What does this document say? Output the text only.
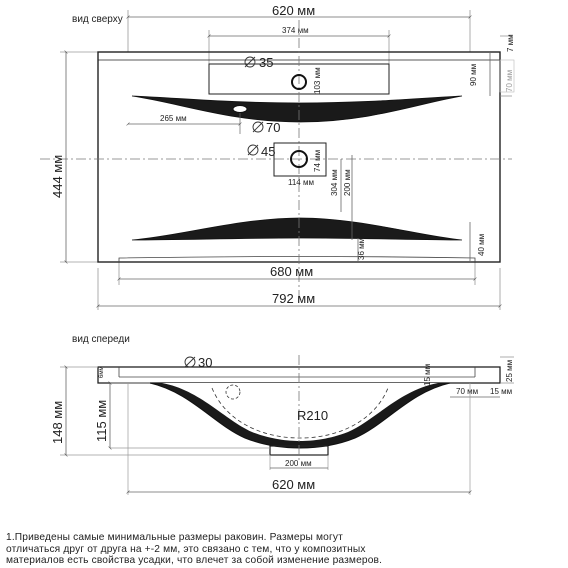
вид сверху
620 мм
374 мм
35
103 мм
70
265 мм
45	74 мм
114 мм	200 мм
304 мм
36 мм	40 мм
7 мм
90 мм	70 мм
444 мм
680 мм
792 мм
вид спереди
30
R210
6мм	15 мм	25 мм
70 мм 15 мм
148 мм 115 мм
200 мм
620 мм
1.Приведены самые минимальные размеры раковин. Размеры могут
отличаться друг от друга на +-2 мм, это связано с тем, что у композитных
материалов есть свойства усадки, что влечет за собой изменение размеров.
